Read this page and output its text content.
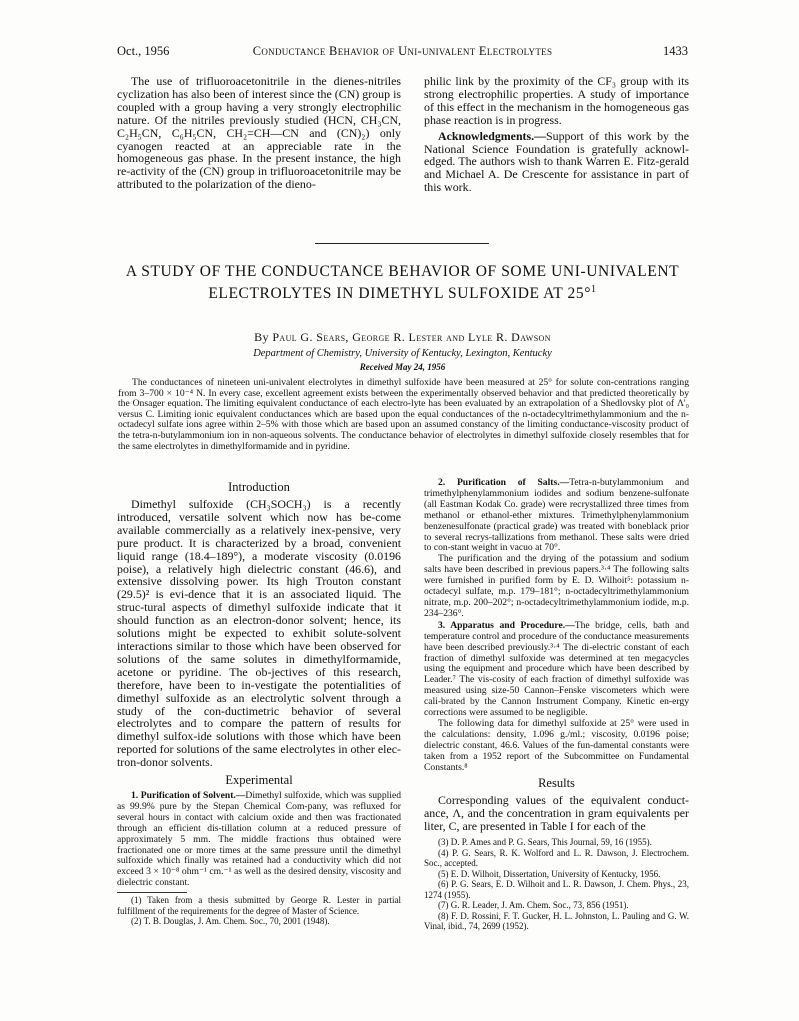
Oct., 1956	Conductance Behavior of Uni-univalent Electrolytes	1433

The use of trifluoroacetonitrile in the dienes-nitriles cyclization has also been of interest since the (CN) group is coupled with a group having a very strongly electrophilic nature. Of the nitriles previously studied (HCN, CH₃CN, C₂H₅CN, C₆H₅CN, CH₂=CH—CN and (CN)₂) only cyanogen reacted at an appreciable rate in the homogeneous gas phase. In the present instance, the high re-activity of the (CN) group in trifluoroacetonitrile may be attributed to the polarization of the dieno-

philic link by the proximity of the CF₃ group with its strong electrophilic properties. A study of importance of this effect in the mechanism in the homogeneous gas phase reaction is in progress.

Acknowledgments.—Support of this work by the National Science Foundation is gratefully acknowl-edged. The authors wish to thank Warren E. Fitz-gerald and Michael A. De Crescente for assistance in part of this work.

A STUDY OF THE CONDUCTANCE BEHAVIOR OF SOME UNI-UNIVALENT
ELECTROLYTES IN DIMETHYL SULFOXIDE AT 25°$^1$
By Paul G. Sears, George R. Lester and Lyle R. Dawson
Department of Chemistry, University of Kentucky, Lexington, Kentucky
Received May 24, 1956
The conductances of nineteen uni-univalent electrolytes in dimethyl sulfoxide have been measured at 25° for solute con-centrations ranging from 3–700 × 10⁻⁴ N. In every case, excellent agreement exists between the experimentally observed behavior and that predicted theoretically by the Onsager equation. The limiting equivalent conductance of each electro-lyte has been evaluated by an extrapolation of a Shedlovsky plot of Λ'₀ versus C. Limiting ionic equivalent conductances which are based upon the equal conductances of the n-octadecyltrimethylammonium and the n-octadecyl sulfate ions agree within 2–5% with those which are based upon an assumed constancy of the limiting conductance-viscosity product of the tetra-n-butylammonium ion in non-aqueous solvents. The conductance behavior of electrolytes in dimethyl sulfoxide closely resembles that for the same electrolytes in dimethylformamide and in pyridine.
Introduction

Dimethyl sulfoxide (CH₃SOCH₃) is a recently introduced, versatile solvent which now has be-come available commercially as a relatively inex-pensive, very pure product. It is characterized by a broad, convenient liquid range (18.4–189°), a moderate viscosity (0.0196 poise), a relatively high dielectric constant (46.6), and extensive dissolving power. Its high Trouton constant (29.5)² is evi-dence that it is an associated liquid. The struc-tural aspects of dimethyl sulfoxide indicate that it should function as an electron-donor solvent; hence, its solutions might be expected to exhibit solute-solvent interactions similar to those which have been observed for solutions of the same solutes in dimethylformamide, acetone or pyridine. The ob-jectives of this research, therefore, have been to in-vestigate the potentialities of dimethyl sulfoxide as an electrolytic solvent through a study of the con-ductimetric behavior of several electrolytes and to compare the pattern of results for dimethyl sulfox-ide solutions with those which have been reported for solutions of the same electrolytes in other elec-tron-donor solvents.

Experimental

1. Purification of Solvent.—Dimethyl sulfoxide, which was supplied as 99.9% pure by the Stepan Chemical Com-pany, was refluxed for several hours in contact with calcium oxide and then was fractionated through an efficient dis-tillation column at a reduced pressure of approximately 5 mm. The middle fractions thus obtained were fractionated one or more times at the same pressure until the dimethyl sulfoxide which finally was retained had a conductivity which did not exceed 3 × 10⁻⁸ ohm⁻¹ cm.⁻¹ as well as the desired density, viscosity and dielectric constant.

(1) Taken from a thesis submitted by George R. Lester in partial fulfillment of the requirements for the degree of Master of Science.

(2) T. B. Douglas, J. Am. Chem. Soc., 70, 2001 (1948).

2. Purification of Salts.—Tetra-n-butylammonium and trimethylphenylammonium iodides and sodium benzene-sulfonate (all Eastman Kodak Co. grade) were recrystallized three times from methanol or ethanol-ether mixtures. Trimethylphenylammonium benzenesulfonate (practical grade) was treated with boneblack prior to several recrys-tallizations from methanol. These salts were dried to con-stant weight in vacuo at 70°.

The purification and the drying of the potassium and sodium salts have been described in previous papers.³·⁴ The following salts were furnished in purified form by E. D. Wilhoit⁵: potassium n-octadecyl sulfate, m.p. 179–181°; n-octadecyltrimethylammonium nitrate, m.p. 200–202°; n-octadecyltrimethylammonium iodide, m.p. 234–236°.

3. Apparatus and Procedure.—The bridge, cells, bath and temperature control and procedure of the conductance measurements have been described previously.³·⁴ The di-electric constant of each fraction of dimethyl sulfoxide was determined at ten megacycles using the equipment and procedure which have been described by Leader.⁷ The vis-cosity of each fraction of dimethyl sulfoxide was measured using size-50 Cannon–Fenske viscometers which were cali-brated by the Cannon Instrument Company. Kinetic en-ergy corrections were assumed to be negligible.

The following data for dimethyl sulfoxide at 25° were used in the calculations: density, 1.096 g./ml.; viscosity, 0.0196 poise; dielectric constant, 46.6. Values of the fun-damental constants were taken from a 1952 report of the Subcommittee on Fundamental Constants.⁸

Results

Corresponding values of the equivalent conduct-ance, Λ, and the concentration in gram equivalents per liter, C, are presented in Table I for each of the

(3) D. P. Ames and P. G. Sears, This Journal, 59, 16 (1955).

(4) P. G. Sears, R. K. Wolford and L. R. Dawson, J. Electrochem. Soc., accepted.

(5) E. D. Wilhoit, Dissertation, University of Kentucky, 1956.

(6) P. G. Sears, E. D. Wilhoit and L. R. Dawson, J. Chem. Phys., 23, 1274 (1955).

(7) G. R. Leader, J. Am. Chem. Soc., 73, 856 (1951).

(8) F. D. Rossini, F. T. Gucker, H. L. Johnston, L. Pauling and G. W. Vinal, ibid., 74, 2699 (1952).
